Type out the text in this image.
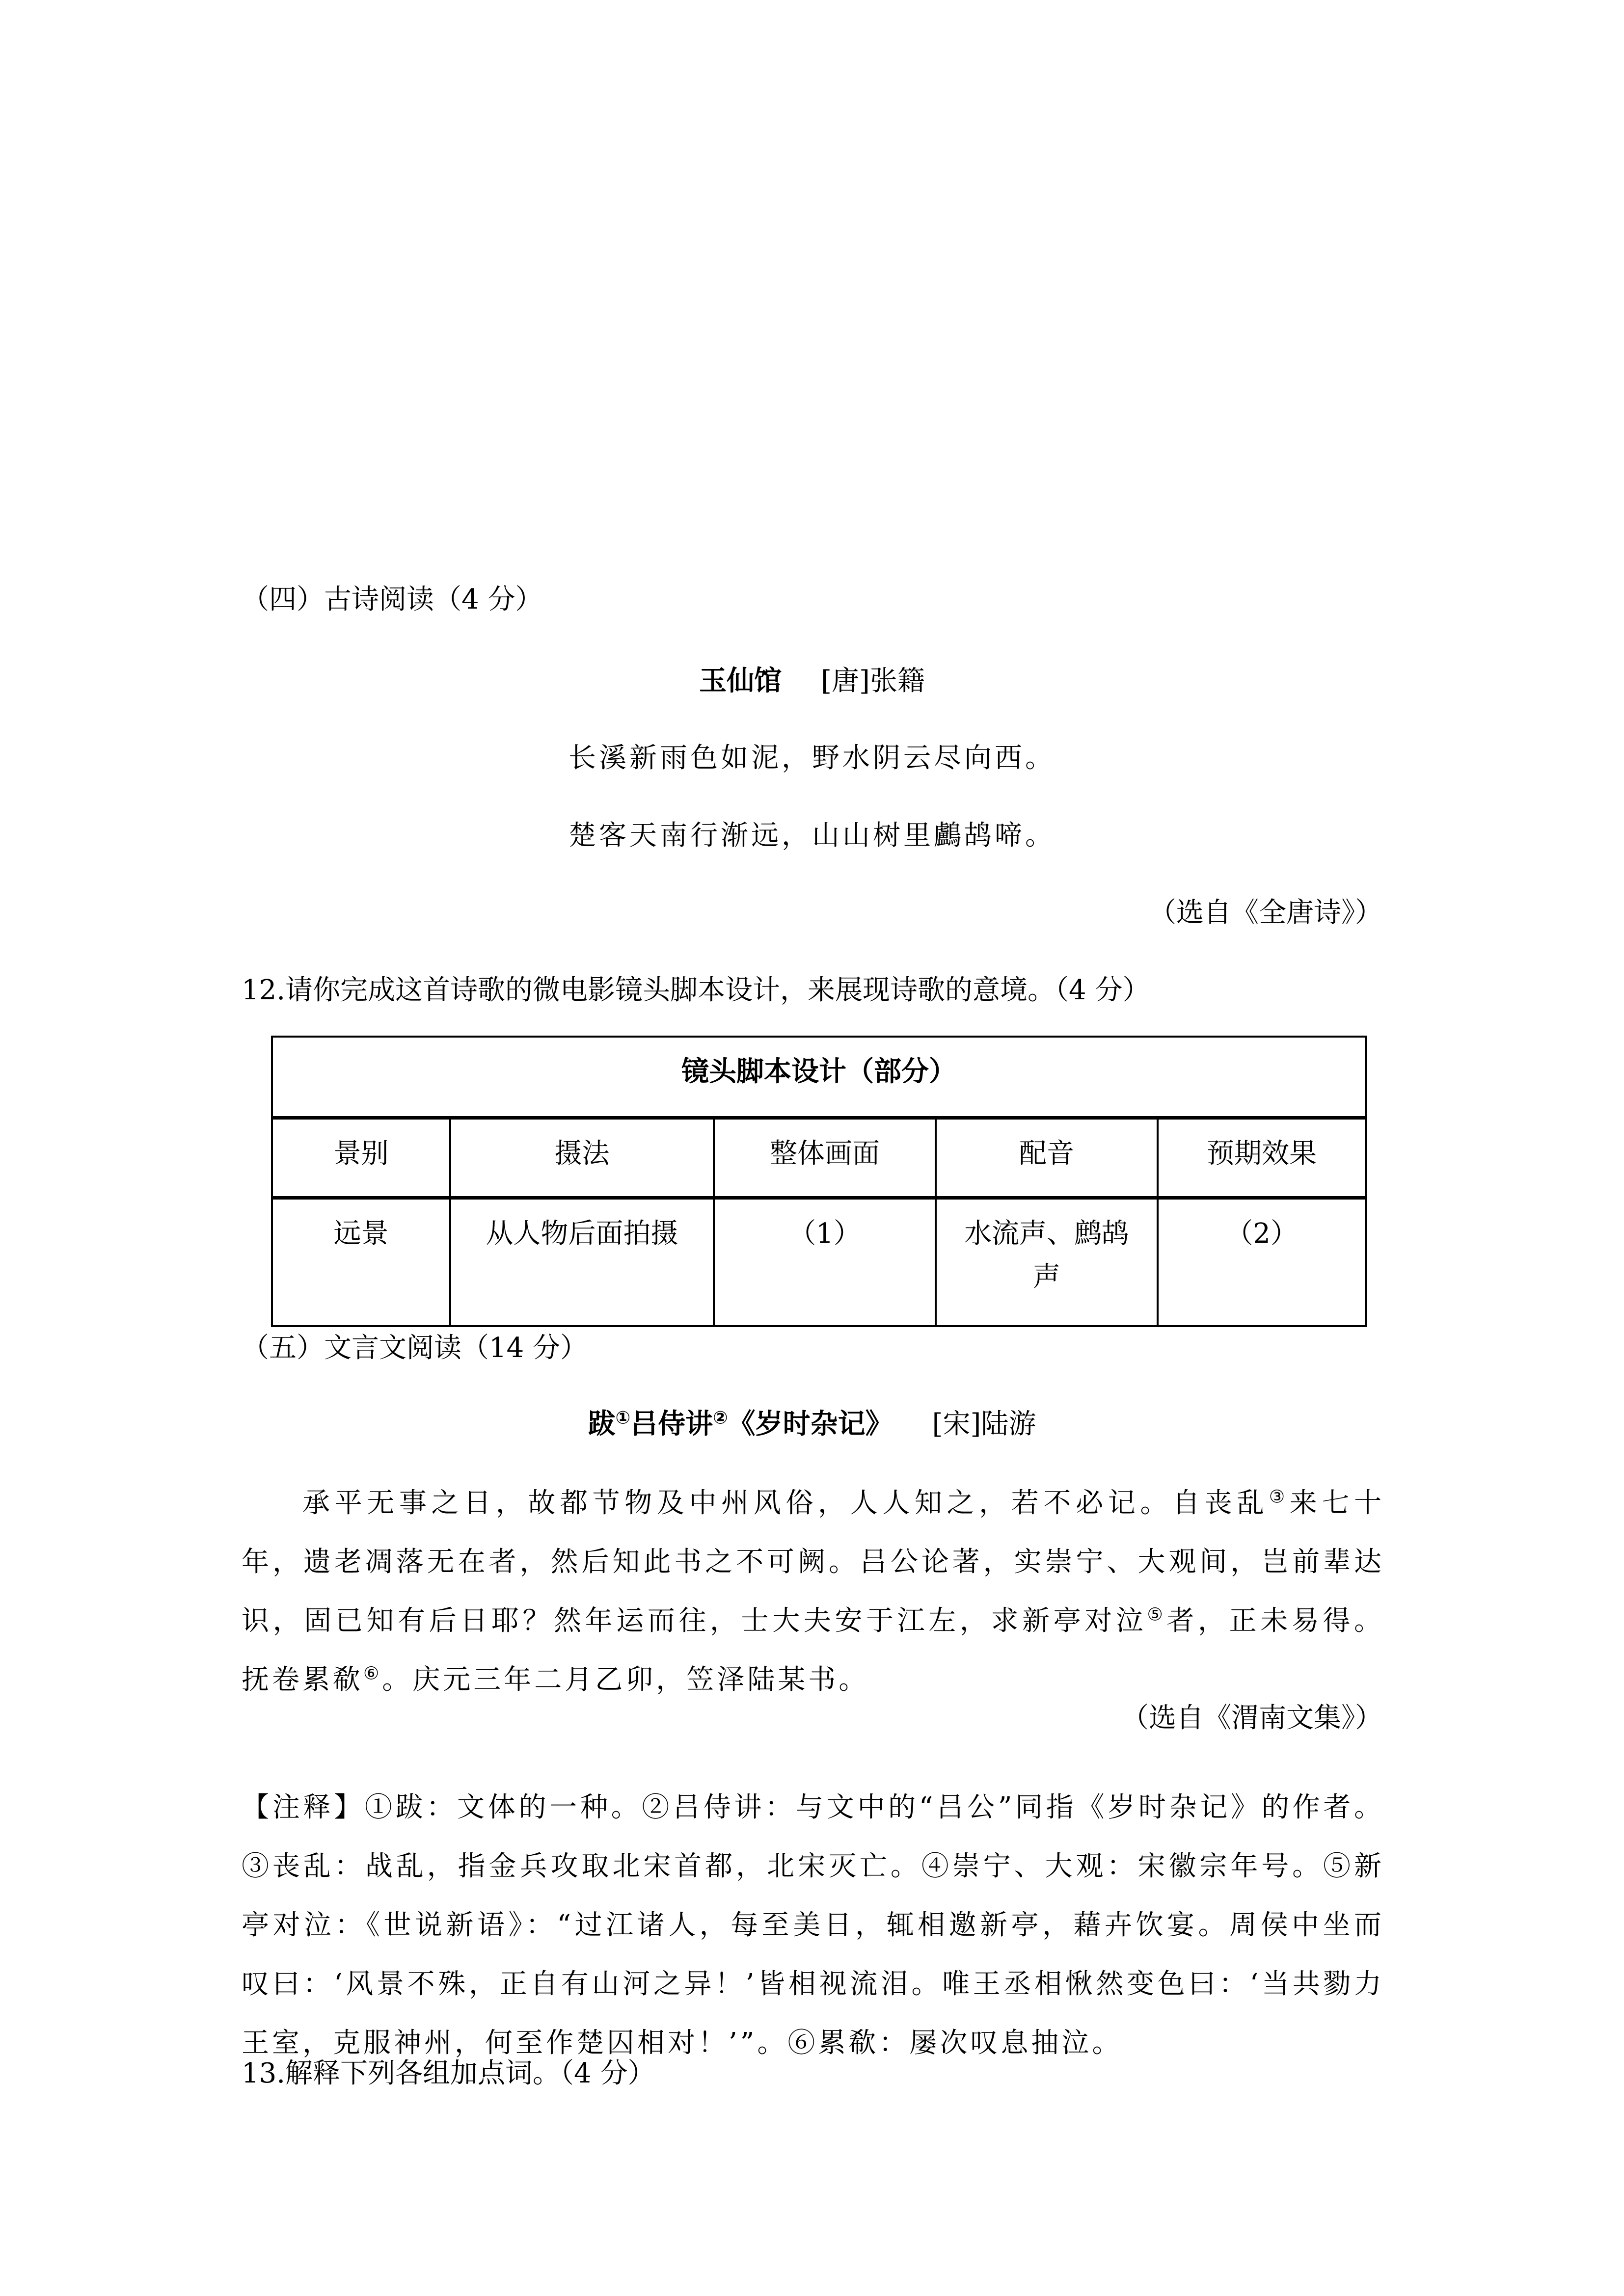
（四）古诗阅读（4 分）
玉仙馆 [唐]张籍
长溪新雨色如泥，野水阴云尽向西。
楚客天南行渐远，山山树里鸕鸪啼。
（选自《全唐诗》）
12.请你完成这首诗歌的微电影镜头脚本设计，来展现诗歌的意境。（4 分）
镜头脚本设计（部分）				
景别	摄法	整体画面	配音	预期效果
远景	从人物后面拍摄	（1）	水流声、鹧鸪声	（2）
（五）文言文阅读（14 分）
跋①吕侍讲②《岁时杂记》 [宋]陆游
承平无事之日，故都节物及中州风俗，人人知之，若不必记。自丧乱③来七十年，遗老凋落无在者，然后知此书之不可阙。吕公论著，实崇宁、大观间，岂前辈达识，固已知有后日耶？然年运而往，士大夫安于江左，求新亭对泣⑤者，正未易得。抚卷累欷⑥。庆元三年二月乙卯，笠泽陆某书。
（选自《渭南文集》）
【注释】①跋：文体的一种。②吕侍讲：与文中的“吕公”同指《岁时杂记》的作者。③丧乱：战乱，指金兵攻取北宋首都，北宋灭亡。④崇宁、大观：宋徽宗年号。⑤新亭对泣：《世说新语》：“过江诸人，每至美日，辄相邀新亭，藉卉饮宴。周侯中坐而叹曰：‘风景不殊，正自有山河之异！’皆相视流泪。唯王丞相愀然变色曰：‘当共勠力王室，克服神州，何至作楚囚相对！’”。⑥累欷：屡次叹息抽泣。
13.解释下列各组加点词。（4 分）
